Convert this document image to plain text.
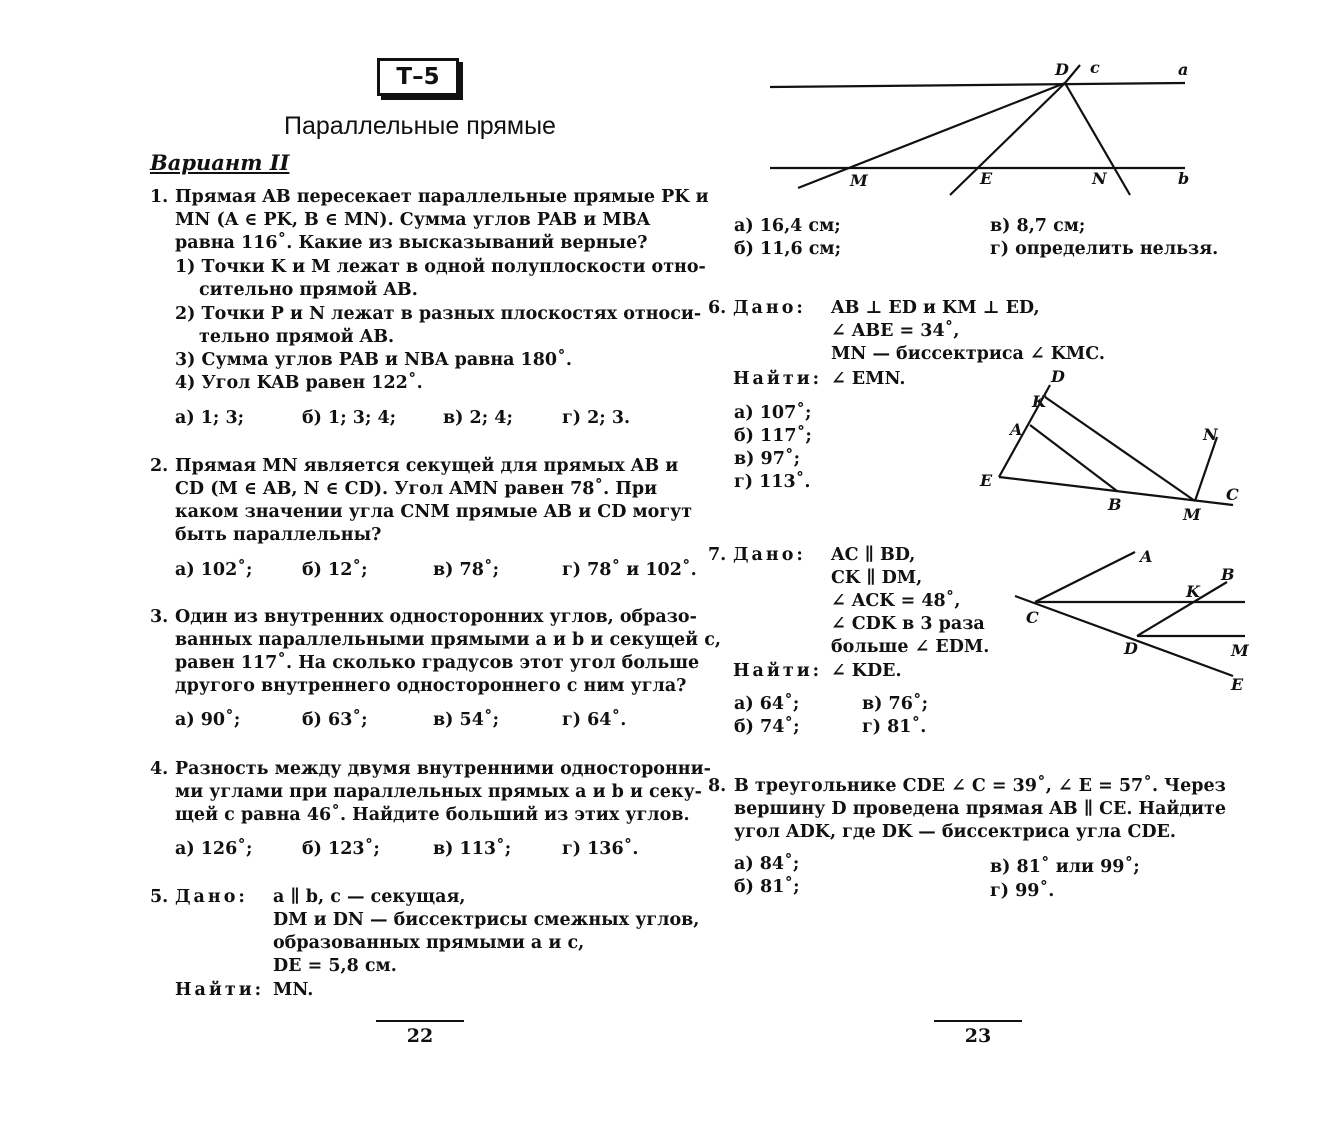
Т–5
Параллельные прямые
Вариант II
1. Прямая AB пересекает параллельные прямые PK и
MN (A ∈ PK, B ∈ MN). Сумма углов PAB и MBA
равна 116˚. Какие из высказываний верные?
1) Точки K и M лежат в одной полуплоскости отно-
сительно прямой AB.
2) Точки P и N лежат в разных плоскостях относи-
тельно прямой AB.
3) Сумма углов PAB и NBA равна 180˚.
4) Угол KAB равен 122˚.
а) 1; 3;	б) 1; 3; 4;	в) 2; 4;	г) 2; 3.
2. Прямая MN является секущей для прямых AB и
CD (M ∈ AB, N ∈ CD). Угол AMN равен 78˚. При
каком значении угла CNM прямые AB и CD могут
быть параллельны?
а) 102˚;	б) 12˚;	в) 78˚;	г) 78˚ и 102˚.
3. Один из внутренних односторонних углов, образо-
ванных параллельными прямыми a и b и секущей c,
равен 117˚. На сколько градусов этот угол больше
другого внутреннего одностороннего с ним угла?
а) 90˚;	б) 63˚;	в) 54˚;	г) 64˚.
4. Разность между двумя внутренними односторонни-
ми углами при параллельных прямых a и b и секу-
щей c равна 46˚. Найдите больший из этих углов.
а) 126˚;	б) 123˚;	в) 113˚;	г) 136˚.
5. Дано: a ∥ b, c — секущая,
DM и DN — биссектрисы смежных углов,
образованных прямыми a и c,
DE = 5,8 см.
Найти: MN.
22
D c	a
M	E	N	b
а) 16,4 см;
б) 11,6 см;
в) 8,7 см;
г) определить нельзя.
6. Дано: AB ⊥ ED и KM ⊥ ED,
∠ ABE = 34˚,
MN — биссектриса ∠ KMC.
Найти: ∠ EMN.
а) 107˚;
б) 117˚;
в) 97˚;
г) 113˚.
D
K
A	N
E
B
M
C
7. Дано: AC ∥ BD,
CK ∥ DM,
∠ ACK = 48˚,
∠ CDK в 3 раза
больше ∠ EDM.
Найти: ∠ KDE.
а) 64˚;	в) 76˚;
б) 74˚;	г) 81˚.
A
B
K
C
D	M
E
8. В треугольнике CDE ∠ C = 39˚, ∠ E = 57˚. Через
вершину D проведена прямая AB ∥ CE. Найдите
угол ADK, где DK — биссектриса угла CDE.
а) 84˚;	в) 81˚ или 99˚;
б) 81˚;	г) 99˚.
23
